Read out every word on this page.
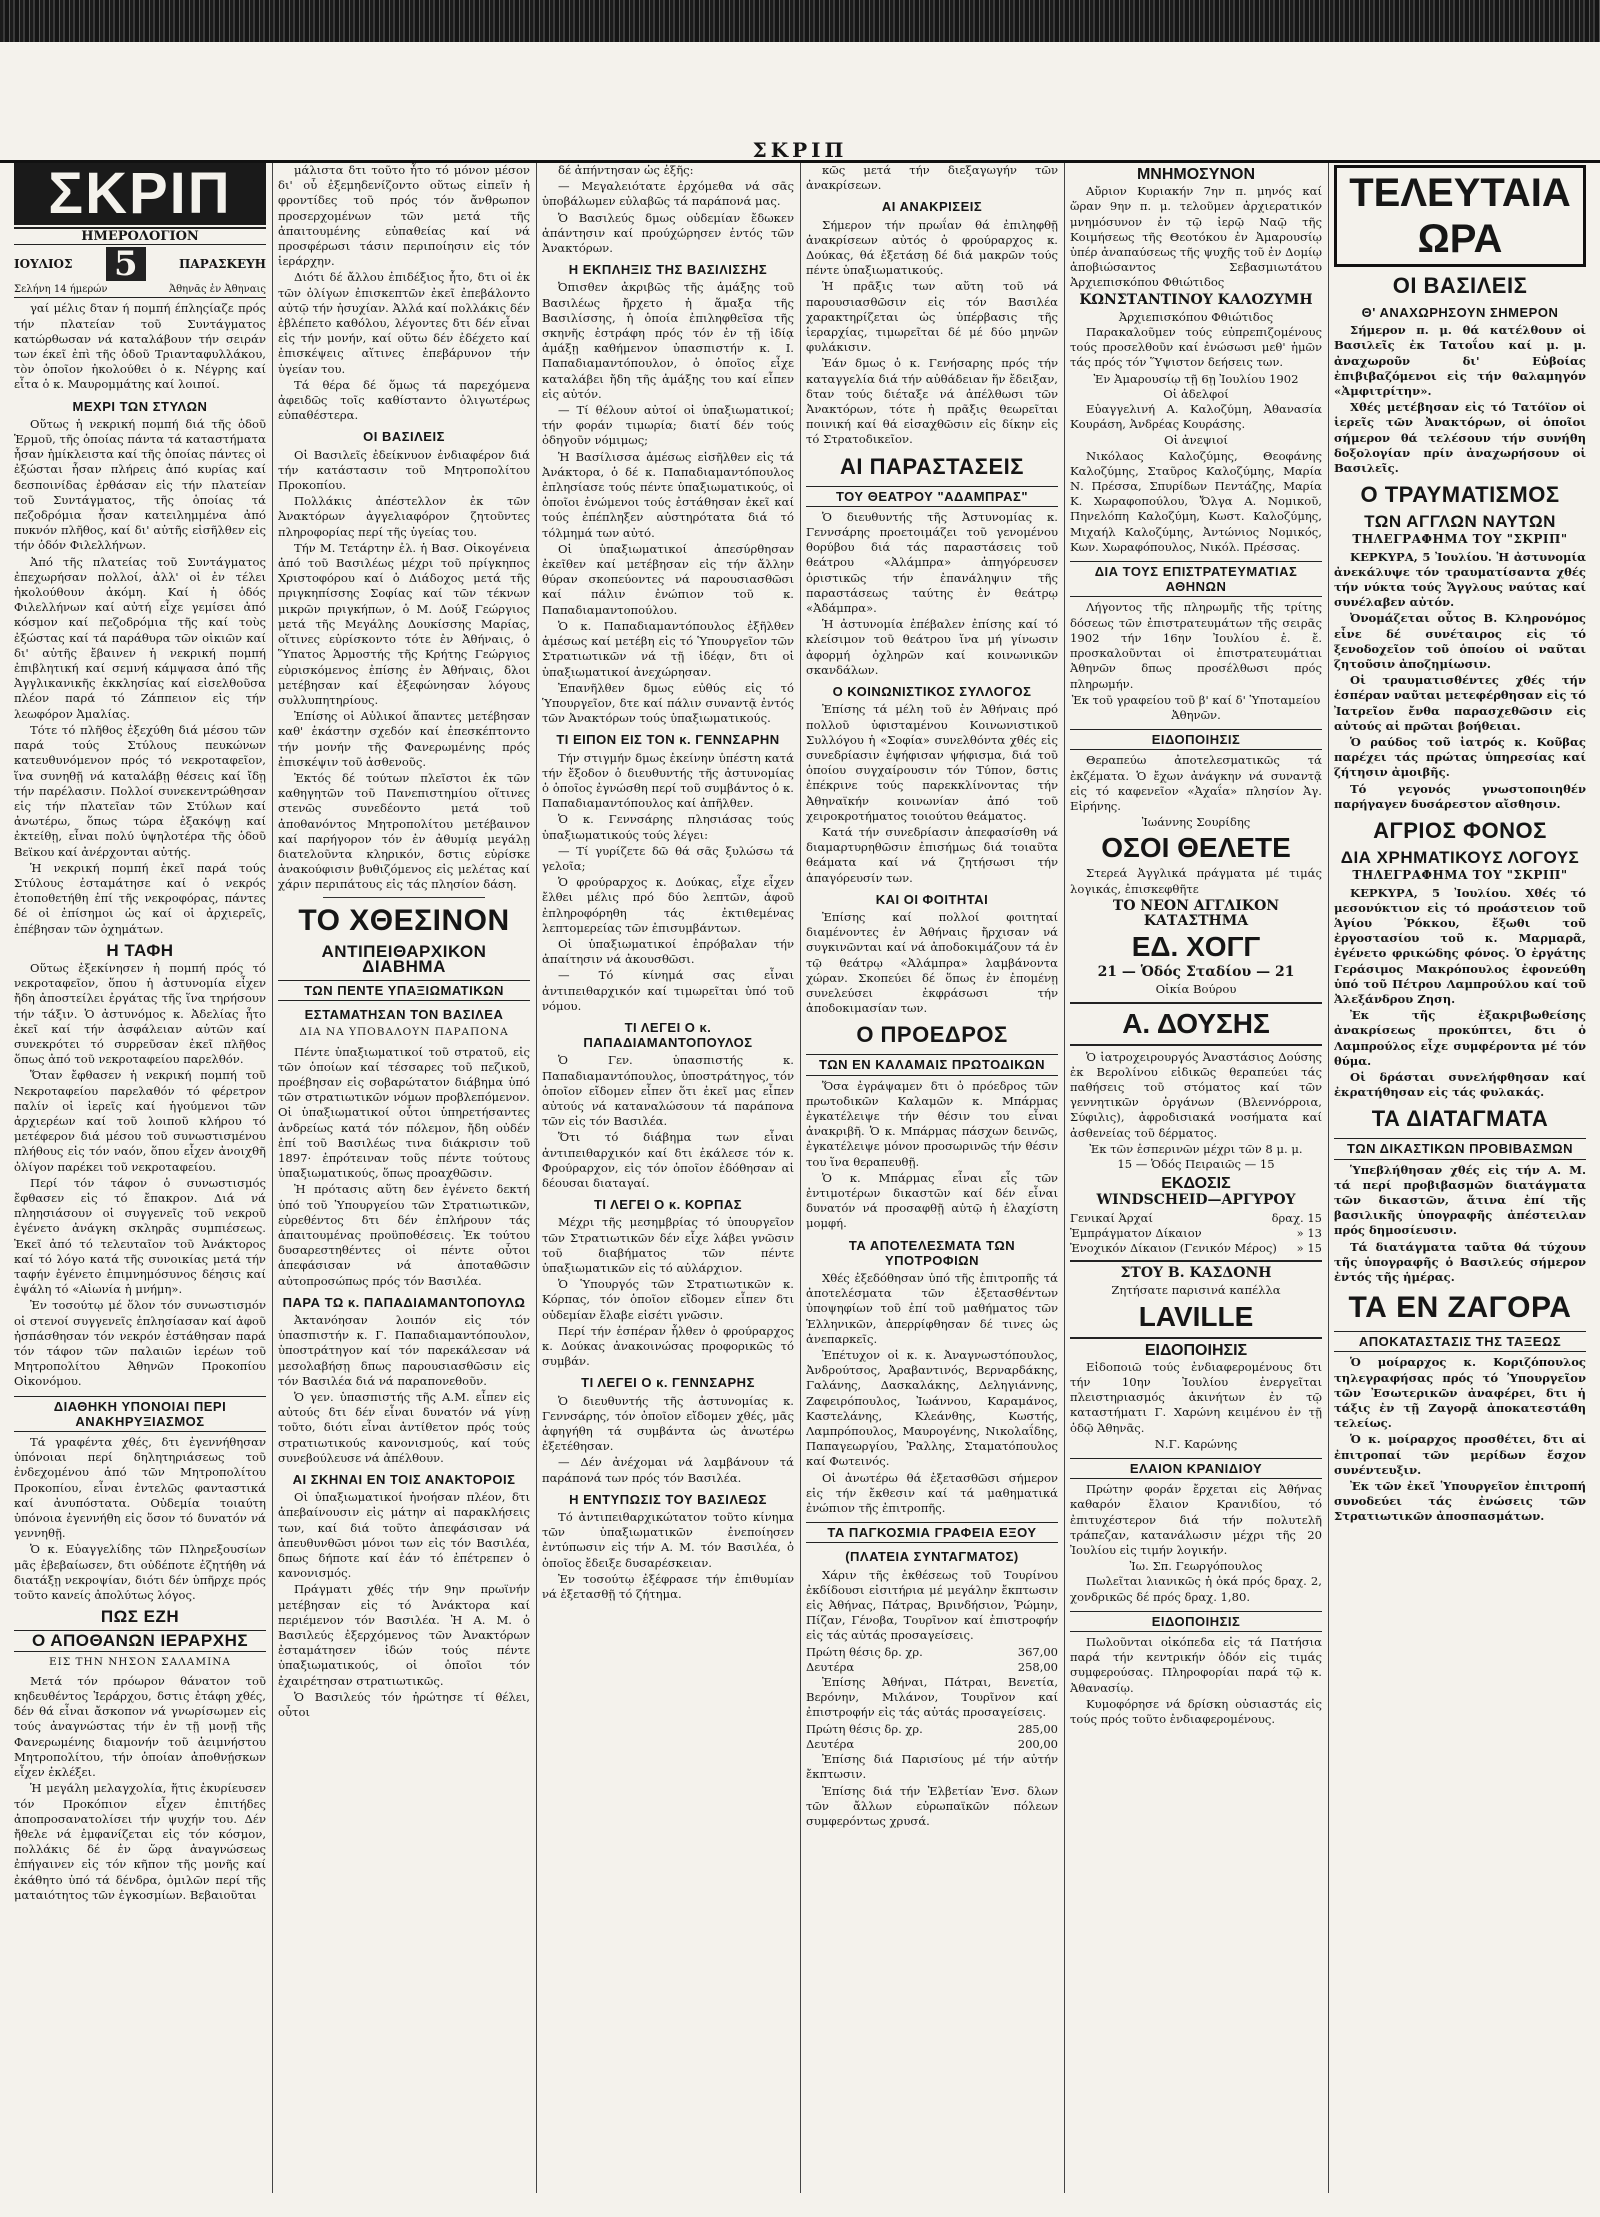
ΣΚΡΙΠ
ΣΚΡΙΠ
ΗΜΕΡΟΛΟΓΙΟΝ
ΙΟΥΛΙΟΣ 5	ΠΑΡΑΣΚΕΥΗ
Σελήνη 14 ήμερών	Ἀθηνᾶς ἐν Ἀθηναις

γαί μέλις δταν ή πομπή έπληςίαζε πρός τήν πλατείαν τοῦ Συντάγματος κατώρθωσαν νά καταλάβουν τήν σειράν των έκεῖ ἐπὶ τῆς ὁδοῦ Τριανταφυλλάκου, τὸν ὁποῖον ἠκολούθει ὁ κ. Νέγρης καί εἶτα ὁ κ. Μαυρομμάτης καί λοιποί.

ΜΕΧΡΙ ΤΩΝ ΣΤΥΛΩΝ

Οὕτως ἡ νεκρική πομπή διά τῆς ὁδοῦ Ἑρμοῦ, τῆς ὁποίας πάντα τά καταστήματα ἦσαν ἡμίκλειστα καί τῆς ὁποίας πάντες οἱ ἐξώσται ἦσαν πλήρεις ἀπό κυρίας καί δεσποινίδας ἐρθάσαν εἰς τήν πλατείαν τοῦ Συντάγματος, τῆς ὁποίας τά πεζοδρόμια ἦσαν κατειλημμένα ἀπό πυκνόν πλῆθος, καί δι' αὐτῆς εἰσῆλθεν εἰς τήν ὁδόν Φιλελλήνων.

Ἀπό τῆς πλατείας τοῦ Συντάγματος ἐπεχωρήσαν πολλοί, ἀλλ' οἱ ἐν τέλει ἠκολούθουν ἀκόμη. Καί ἡ ὁδός Φιλελλήνων καί αὐτή εἶχε γεμίσει ἀπό κόσμον καί πεζοδρόμια τῆς καί τοὺς ἐξώστας καί τά παράθυρα τῶν οἰκιῶν καί δι' αὐτῆς ἔβαινεν ἡ νεκρική πομπή ἐπιβλητική καί σεμνή κάμψασα ἀπό τῆς Ἀγγλικανικῆς ἐκκλησίας καί εἰσελθοῦσα πλέον παρά τό Ζάππειον εἰς τήν λεωφόρον Ἀμαλίας.

Τότε τό πλῆθος ἐξεχύθη διά μέσου τῶν παρά τούς Στύλους πευκώνων κατευθυνόμενον πρός τό νεκροταφεῖον, ἵνα συνηθῇ νά καταλάβῃ θέσεις καί ἴδῃ τήν παρέλασιν. Πολλοί συνεκεντρώθησαν εἰς τήν πλατεῖαν τῶν Στύλων καί ἀνωτέρω, ὅπως τώρα ἐξακόψῃ καί ἐκτείθῃ, εἶναι πολύ ὑψηλοτέρα τῆς ὁδοῦ Βεϊκου καί ἀνέρχονται αὐτής.

Ἡ νεκρική πομπή ἐκεῖ παρά τούς Στύλους ἐσταμάτησε καί ὁ νεκρός ἐτοποθετήθη ἐπί τῆς νεκροφόρας, πάντες δέ οἱ ἐπίσημοι ὡς καί οἱ ἀρχιερεῖς, ἐπέβησαν τῶν ὀχημάτων.

Η ΤΑΦΗ

Οὕτως ἐξεκίνησεν ἡ πομπή πρός τό νεκροταφεῖον, ὅπου ἡ ἀστυνομία εἶχεν ἤδη ἀποστείλει ἐργάτας τῆς ἵνα τηρήσουν τήν τάξιν. Ὁ ἀστυνόμος κ. Ἀδελίας ἦτο ἐκεῖ καί τήν ἀσφάλειαν αὐτῶν καί συνεκρότει τό συρρεῦσαν ἐκεῖ πλῆθος ὅπως ἀπό τοῦ νεκροταφείου παρελθόν.

Ὅταν ἔφθασεν ἡ νεκρική πομπή τοῦ Νεκροταφείου παρελαθόν τό φέρετρον παλίν οἱ ἱερεῖς καί ἡγούμενοι τῶν ἀρχιερέων καί τοῦ λοιποῦ κλήρου τό μετέφερον διά μέσου τοῦ συνωστισμένου πλήθους εἰς τόν ναόν, ὅπου εἶχεν ἀνοιχθῆ ὀλίγον παρέκει τοῦ νεκροταφείου.

Περί τόν τάφον ὁ συνωστισμός ἔφθασεν εἰς τό ἔπακρον. Διά νά πληησιάσουν οἱ συγγενεῖς τοῦ νεκροῦ ἐγένετο ἀνάγκη σκληρᾶς συμπιέσεως. Ἐκεῖ ἀπό τό τελευταῖον τοῦ Ἀνάκτορος καί τό λόγο κατά τῆς συνοικίας μετά τήν ταφήν ἐγένετο ἐπιμνημόσυνος δέησις καί ἐψάλη τό «Αἰωνία ἡ μνήμη».

Ἐν τοσούτῳ μέ ὅλον τόν συνωστισμόν οἱ στενοί συγγενεῖς ἐπλησίασαν καί ἀφοῦ ἠσπάσθησαν τόν νεκρόν ἐστάθησαν παρά τόν τάφον τῶν παλαιῶν ἱερέων τοῦ Μητροπολίτου Ἀθηνῶν Προκοπίου Οἰκονόμου.

ΔΙΑΘΗΚΗ ΥΠΟΝΟΙΑΙ ΠΕΡΙ ΑΝΑΚΗΡΥΞΙΑΣΜΟΣ

Τά γραφέντα χθές, δτι ἐγεννήθησαν ὑπόνοιαι περί δηλητηριάσεως τοῦ ἐνδεχομένου ἀπό τῶν Μητροπολίτου Προκοπίου, εἶναι ἐντελῶς φανταστικά καί ἀνυπόστατα. Οὐδεμία τοιαύτη ὑπόνοια ἐγεννήθη εἰς ὅσον τό δυνατόν νά γεννηθῇ.

Ὁ κ. Εὐαγγελίδης τῶν Πληρεξουσίων μᾶς ἐβεβαίωσεν, δτι οὐδέποτε ἐζητήθη νά διατάξῃ νεκροψίαν, διότι δέν ὑπῆρχε πρός τοῦτο κανείς ἀπολύτως λόγος.

ΠΩΣ ΕΖΗ
Ο ΑΠΟΘΑΝΩΝ ΙΕΡΑΡΧΗΣ
ΕΙΣ ΤΗΝ ΝΗΣΟΝ ΣΑΛΑΜΙΝΑ

Μετά τόν πρόωρον θάνατον τοῦ κηδευθέντος Ἱεράρχου, δστις ἐτάφη χθές, δέν θά εἶναι ἄσκοπον νά γνωρίσωμεν εἰς τούς ἀναγνώστας τήν ἐν τῇ μονῇ τῆς Φανερωμένης διαμονήν τοῦ ἀειμνήστου Μητροπολίτου, τήν ὁποίαν ἀποθνῄσκων εἶχεν ἐκλέξει.

Ἡ μεγάλη μελαγχολία, ἥτις ἐκυρίευσεν τόν Προκόπιον εἶχεν ἐπιτήδες ἀποπροσανατολίσει τήν ψυχήν του. Δέν ἤθελε νά ἐμφανίζεται εἰς τόν κόσμον, πολλάκις δέ ἐν ὥρᾳ ἀναγνώσεως ἐπήγαινεν εἰς τόν κῆπον τῆς μονῆς καί ἐκάθητο ὑπό τά δένδρα, ὁμιλῶν περί τῆς ματαιότητος τῶν ἐγκοσμίων. Βεβαιοῦται

μάλιστα δτι τοῦτο ἦτο τό μόνον μέσον δι' οὗ ἐξεμηδενίζοντο οὕτως εἰπεῖν ἡ φροντίδες τοῦ πρός τόν ἄνθρωπον προσερχομένων τῶν μετά τῆς ἀπαιτουμένης εὐπαθείας καί νά προσφέρωσι τάσιν περιποίησιν εἰς τόν ἱεράρχην.

Διότι δέ ἄλλου ἐπιδέξιος ἦτο, δτι οἱ ἐκ τῶν ὀλίγων ἐπισκεπτῶν ἐκεῖ ἐπεβάλοντο αὐτῷ τήν ἡσυχίαν. Ἀλλά καί πολλάκις δέν ἐβλέπετο καθόλου, λέγοντες δτι δέν εἶναι εἰς τήν μονήν, καί οὕτω δέν ἐδέχετο καί ἐπισκέψεις αἵτινες ἐπεβάρυνον τήν ὑγείαν του.

Τά θέρα δέ ὅμως τά παρεχόμενα ἀφειδῶς τοῖς καθίσταντο ὀλιγωτέρως εὐπαθέστερα.

ΟΙ ΒΑΣΙΛΕΙΣ

Οἱ Βασιλεῖς ἐδείκνυον ἐνδιαφέρον διά τήν κατάστασιν τοῦ Μητροπολίτου Προκοπίου.

Πολλάκις ἀπέστελλον ἐκ τῶν Ἀνακτόρων ἀγγελιαφόρον ζητοῦντες πληροφορίας περί τῆς ὑγείας του.

Τήν Μ. Τετάρτην ἐλ. ἡ Βασ. Οἰκογένεια ἀπό τοῦ Βασιλέως μέχρι τοῦ πρίγκηπος Χριστοφόρου καί ὁ Διάδοχος μετά τῆς πριγκηπίσσης Σοφίας καί τῶν τέκνων μικρῶν πριγκήπων, ὁ Μ. Δούξ Γεώργιος μετά τῆς Μεγάλης Δουκίσσης Μαρίας, οἵτινες εὑρίσκοντο τότε ἐν Ἀθήναις, ὁ Ὕπατος Ἁρμοστής τῆς Κρήτης Γεώργιος εὑρισκόμενος ἐπίσης ἐν Ἀθήναις, δλοι μετέβησαν καί ἐξεφώνησαν λόγους συλλυπητηρίους.

Ἐπίσης οἱ Αὐλικοί ἅπαντες μετέβησαν καθ' ἑκάστην σχεδόν καί ἐπεσκέπτοντο τήν μονήν τῆς Φανερωμένης πρός ἐπισκέψιν τοῦ ἀσθενοῦς.

Ἐκτός δέ τούτων πλεῖστοι ἐκ τῶν καθηγητῶν τοῦ Πανεπιστημίου οἵτινες στενῶς συνεδέοντο μετά τοῦ ἀποθανόντος Μητροπολίτου μετέβαινον καί παρήγορον τόν ἐν ἀθυμίᾳ μεγάλῃ διατελοῦντα κληρικόν, δστις εὑρίσκε ἀνακούφισιν βυθιζόμενος εἰς μελέτας καί χάριν περιπάτους εἰς τάς πλησίον δάση.

ΤΟ ΧΘΕΣΙΝΟΝ
ΑΝΤΙΠΕΙΘΑΡΧΙΚΟΝ ΔΙΑΒΗΜΑ
ΤΩΝ ΠΕΝΤΕ ΥΠΑΞΙΩΜΑΤΙΚΩΝ
ΕΣΤΑΜΑΤΗΣΑΝ ΤΟΝ ΒΑΣΙΛΕΑ
ΔΙΑ ΝΑ ΥΠΟΒΑΛΟΥΝ ΠΑΡΑΠΟΝΑ

Πέντε ὑπαξιωματικοί τοῦ στρατοῦ, εἰς τῶν ὁποίων καί τέσσαρες τοῦ πεζικοῦ, προέβησαν εἰς σοβαρώτατον διάβημα ὑπό τῶν στρατιωτικῶν νόμων προβλεπόμενον. Οἱ ὑπαξιωματικοί οὗτοι ὑπηρετήσαντες ἀνδρείως κατά τόν πόλεμον, ἤδη οὐδέν ἐπί τοῦ Βασιλέως τινα διάκρισιν τοῦ 1897· ἐπρότειναν τοῦς πέντε τούτους ὑπαξιωματικούς, ὅπως προαχθῶσιν.

Ἠ πρότασις αὕτη δεν ἐγένετο δεκτή ὑπό τοῦ Ὑπουργείου τῶν Στρατιωτικῶν, εὑρεθέντος δτι δέν ἐπλήρουν τάς ἀπαιτουμένας προϋποθέσεις. Ἐκ τούτου δυσαρεστηθέντες οἱ πέντε οὗτοι ἀπεφάσισαν νά ἀποταθῶσιν αὐτοπροσώπως πρός τόν Βασιλέα.

ΠΑΡΑ ΤΩ κ. ΠΑΠΑΔΙΑΜΑΝΤΟΠΟΥΛΩ

Ἀκτανόησαν λοιπόν εἰς τόν ὑπασπιστήν κ. Γ. Παπαδιαμαντόπουλον, ὑποστράτηγον καί τόν παρεκάλεσαν νά μεσολαβήσῃ δπως παρουσιασθῶσιν εἰς τόν Βασιλέα διά νά παραπονεθοῦν.

Ὁ γεν. ὑπασπιστής τῆς Α.Μ. εἶπεν εἰς αὐτούς δτι δέν εἶναι δυνατόν νά γίνῃ τοῦτο, διότι εἶναι ἀντίθετον πρός τούς στρατιωτικούς κανονισμούς, καί τούς συνεβούλευσε νά ἀπέλθουν.

ΑΙ ΣΚΗΝΑΙ ΕΝ ΤΟΙΣ ΑΝΑΚΤΟΡΟΙΣ

Οἱ ὑπαξιωματικοί ἠνοήσαν πλέον, δτι ἀπεβαίνουσιν εἰς μάτην αἱ παρακλήσεις των, καί διά τοῦτο ἀπεφάσισαν νά ἀπευθυνθῶσι μόνοι των εἰς τόν Βασιλέα, δπως δήποτε καί ἐάν τό ἐπέτρεπεν ὁ κανονισμός.

Πράγματι χθές τήν 9ην πρωϊνήν μετέβησαν εἰς τό Ἀνάκτορα καί περιέμενον τόν Βασιλέα. Ἠ Α. Μ. ὁ Βασιλεύς ἐξερχόμενος τῶν Ἀνακτόρων ἐσταμάτησεν ἰδών τούς πέντε ὑπαξιωματικούς, οἱ ὁποῖοι τόν ἐχαιρέτησαν στρατιωτικῶς.

Ὁ Βασιλεύς τόν ἠρώτησε τί θέλει, οὗτοι

δέ ἀπήντησαν ὡς ἑξῆς:

— Μεγαλειότατε ἐρχόμεθα νά σᾶς ὑποβάλωμεν εὐλαβῶς τά παράπονά μας.

Ὁ Βασιλεύς δμως οὐδεμίαν ἔδωκεν ἀπάντησιν καί προύχώρησεν ἐντός τῶν Ἀνακτόρων.

Η ΕΚΠΛΗΞΙΣ ΤΗΣ ΒΑΣΙΛΙΣΣΗΣ

Ὀπισθεν ἀκριβῶς τῆς ἁμάξης τοῦ Βασιλέως ἤρχετο ἡ ἅμαξα τῆς Βασιλίσσης, ἡ ὁποία ἐπιληφθεῖσα τῆς σκηνῆς ἐστράφη πρός τόν ἐν τῇ ἰδίᾳ ἁμάξῃ καθήμενον ὑπασπιστήν κ. Ι. Παπαδιαμαντόπουλον, ὁ ὁποῖος εἶχε καταλάβει ἤδη τῆς ἁμάξης του καί εἶπεν εἰς αὐτόν.

— Τί θέλουν αὐτοί οἱ ὑπαξιωματικοί; τήν φοράν τιμωρία; διατί δέν τούς ὁδηγοῦν νόμιμως;

Ἡ Βασίλισσα ἀμέσως εἰσῆλθεν εἰς τά Ἀνάκτορα, ὁ δέ κ. Παπαδιαμαντόπουλος ἐπλησίασε τούς πέντε ὑπαξιωματικούς, οἱ ὁποῖοι ἐνώμενοι τούς ἐστάθησαν ἐκεῖ καί τούς ἐπέπληξεν αὐστηρότατα διά τό τόλμημά των αὐτό.

Οἱ ὑπαξιωματικοί ἀπεσύρθησαν ἐκεῖθεν καί μετέβησαν εἰς τήν ἄλλην θύραν σκοπεύοντες νά παρουσιασθῶσι καί πάλιν ἐνώπιον τοῦ κ. Παπαδιαμαντοπούλου.

Ὁ κ. Παπαδιαμαντόπουλος ἐξῆλθεν ἀμέσως καί μετέβη εἰς τό Ὑπουργεῖον τῶν Στρατιωτικῶν νά τῇ ἰδέᾳν, δτι οἱ ὑπαξιωματικοί ἀνεχώρησαν.

Ἐπανῆλθεν δμως εὐθύς εἰς τό Ὑπουργεῖον, δτε καί πάλιν συναντᾷ ἐντός τῶν Ἀνακτόρων τούς ὑπαξιωματικούς.

ΤΙ ΕΙΠΟΝ ΕΙΣ ΤΟΝ κ. ΓΕΝΝΣΑΡΗΝ

Τήν στιγμήν δμως ἐκείνην ὑπέστη κατά τήν ἔξοδον ὁ διευθυντής τῆς ἀστυνομίας ὁ ὁποῖος ἐγνώσθη περί τοῦ συμβάντος ὁ κ. Παπαδιαμαντόπουλος καί ἀπῆλθεν.

Ὁ κ. Γεννσάρης πλησιάσας τούς ὑπαξιωματικούς τούς λέγει:

— Τί γυρίζετε δῶ θά σᾶς ξυλώσω τά γελοῖα;

Ὁ φρούραρχος κ. Δούκας, εἶχε εἶχεν ἔλθει μέλις πρό δύο λεπτῶν, ἀφοῦ ἐπληροφόρηθη τάς ἐκτιθεμένας λεπτομερείας τῶν ἐπισυμβάντων.

Οἱ ὑπαξιωματικοί ἐπρόβαλαν τήν ἀπαίτησιν νά ἀκουσθῶσι.

— Τό κίνημά σας εἶναι ἀντιπειθαρχικόν καί τιμωρεῖται ὑπό τοῦ νόμου.

ΤΙ ΛΕΓΕΙ Ο κ. ΠΑΠΑΔΙΑΜΑΝΤΟΠΟΥΛΟΣ

Ὁ Γεν. ὑπασπιστής κ. Παπαδιαμαντόπουλος, ὑποστράτηγος, τόν ὁποῖον εἴδομεν εἶπεν ὅτι ἐκεῖ μας εἶπεν αὐτούς νά καταναλώσουν τά παράπονα τῶν εἰς τόν Βασιλέα.

Ὅτι τό διάβημα των εἶναι ἀντιπειθαρχικόν καί δτι ἐκάλεσε τόν κ. Φρούραρχον, εἰς τόν ὁποῖον ἐδόθησαν αἱ δέουσαι διαταγαί.

ΤΙ ΛΕΓΕΙ Ο κ. ΚΟΡΠΑΣ

Μέχρι τῆς μεσημβρίας τό ὑπουργεῖον τῶν Στρατιωτικῶν δέν εἶχε λάβει γνῶσιν τοῦ διαβήματος τῶν πέντε ὑπαξιωματικῶν εἰς τό αὐλάρχιον.

Ὁ Ὑπουργός τῶν Στρατιωτικῶν κ. Κόρπας, τόν ὁποῖον εἴδομεν εἶπεν δτι οὐδεμίαν ἔλαβε εἰσέτι γνῶσιν.

Περί τήν ἑσπέραν ἦλθεν ὁ φρούραρχος κ. Δούκας ἀνακοινώσας προφορικῶς τό συμβάν.

ΤΙ ΛΕΓΕΙ Ο κ. ΓΕΝΝΣΑΡΗΣ

Ὁ διευθυντής τῆς ἀστυνομίας κ. Γεννσάρης, τόν ὁποῖον εἴδομεν χθές, μᾶς ἀφηγήθη τά συμβάντα ὡς ἀνωτέρω ἐξετέθησαν.

— Δέν ἀνέχομαι νά λαμβάνουν τά παράπονά των πρός τόν Βασιλέα.

Η ΕΝΤΥΠΩΣΙΣ ΤΟΥ ΒΑΣΙΛΕΩΣ

Τό ἀντιπειθαρχικώτατον τοῦτο κίνημα τῶν ὑπαξιωματικῶν ἐνεποίησεν ἐντύπωσιν εἰς τήν Α. Μ. τόν Βασιλέα, ὁ ὁποῖος ἔδειξε δυσαρέσκειαν.

Ἐν τοσούτῳ ἐξέφρασε τήν ἐπιθυμίαν νά ἐξετασθῇ τό ζήτημα.

κῶς μετά τήν διεξαγωγήν τῶν ἀνακρίσεων.

ΑΙ ΑΝΑΚΡΙΣΕΙΣ

Σήμερον τήν πρωΐαν θά ἐπιληφθῇ ἀνακρίσεων αὐτός ὁ φρούραρχος κ. Δούκας, θά ἐξετάσῃ δέ διά μακρῶν τούς πέντε ὑπαξιωματικούς.

Ἡ πρᾶξις των αὕτη τοῦ νά παρουσιασθῶσιν εἰς τόν Βασιλέα χαρακτηρίζεται ὡς ὑπέρβασις τῆς ἱεραρχίας, τιμωρεῖται δέ μέ δύο μηνῶν φυλάκισιν.

Ἐάν δμως ὁ κ. Γενήσαρης πρός τήν καταγγελία διά τήν αὐθάδειαν ἥν ἔδειξαν, δταν τούς διέταξε νά ἀπέλθωσι τῶν Ἀνακτόρων, τότε ἡ πρᾶξις θεωρεῖται ποινική καί θά εἰσαχθῶσιν εἰς δίκην εἰς τό Στρατοδικεῖον.

ΑΙ ΠΑΡΑΣΤΑΣΕΙΣ
ΤΟΥ ΘΕΑΤΡΟΥ "ΑΔΑΜΠΡΑΣ"

Ὁ διευθυντής τῆς Ἀστυνομίας κ. Γεννσάρης προετοιμάζει τοῦ γενομένου θορύβου διά τάς παραστάσεις τοῦ θεάτρου «Ἀλάμπρα» ἀπηγόρευσεν ὁριστικῶς τήν ἐπανάληψιν τῆς παραστάσεως ταύτης ἐν θεάτρῳ «Ἀδάμπρα».

Ἡ ἀστυνομία ἐπέβαλεν ἐπίσης καί τό κλείσιμον τοῦ θεάτρου ἵνα μή γίνωσιν ἀφορμή ὀχληρῶν καί κοινωνικῶν σκανδάλων.

Ο ΚΟΙΝΩΝΙΣΤΙΚΟΣ ΣΥΛΛΟΓΟΣ

Ἐπίσης τά μέλη τοῦ ἐν Ἀθήναις πρό πολλοῦ ὑφισταμένου Κοινωνιστικοῦ Συλλόγου ἡ «Σοφία» συνελθόντα χθές εἰς συνεδρίασιν ἐψήφισαν ψήφισμα, διά τοῦ ὁποίου συγχαίρουσιν τόν Τύπον, δστις ἐπέκρινε τούς παρεκκλίνοντας τήν Ἀθηναϊκήν κοινωνίαν ἀπό τοῦ χειροκροτήματος τοιούτου θεάματος.

Κατά τήν συνεδρίασιν ἀπεφασίσθη νά διαμαρτυρηθῶσιν ἐπισήμως διά τοιαῦτα θεάματα καί νά ζητήσωσι τήν ἀπαγόρευσίν των.

ΚΑΙ ΟΙ ΦΟΙΤΗΤΑΙ

Ἐπίσης καί πολλοί φοιτηταί διαμένοντες ἐν Ἀθήναις ἤρχισαν νά συγκινῶνται καί νά ἀποδοκιμάζουν τά ἐν τῷ θεάτρῳ «Ἀλάμπρα» λαμβάνοντα χώραν. Σκοπεύει δέ ὅπως ἐν ἐπομένῃ συνελεύσει ἐκφράσωσι τήν ἀποδοκιμασίαν των.

Ο ΠΡΟΕΔΡΟΣ
ΤΩΝ ΕΝ ΚΑΛΑΜΑΙΣ ΠΡΩΤΟΔΙΚΩΝ

Ὅσα ἐγράψαμεν δτι ὁ πρόεδρος τῶν πρωτοδικῶν Καλαμῶν κ. Μπάρμας ἐγκατέλειψε τήν θέσιν του εἶναι ἀνακριβῆ. Ὁ κ. Μπάρμας πάσχων δεινῶς, ἐγκατέλειψε μόνον προσωρινῶς τήν θέσιν του ἵνα θεραπευθῇ.

Ὁ κ. Μπάρμας εἶναι εἷς τῶν ἐντιμοτέρων δικαστῶν καί δέν εἶναι δυνατόν νά προσαφθῇ αὐτῷ ἡ ἐλαχίστη μομφή.

ΤΑ ΑΠΟΤΕΛΕΣΜΑΤΑ ΤΩΝ ΥΠΟΤΡΟΦΙΩΝ

Χθές ἐξεδόθησαν ὑπό τῆς ἐπιτροπῆς τά ἀποτελέσματα τῶν ἐξετασθέντων ὑποψηφίων τοῦ ἐπί τοῦ μαθήματος τῶν Ἑλληνικῶν, ἀπερρίφθησαν δέ τινες ὡς ἀνεπαρκεῖς.

Ἐπέτυχον οἱ κ. κ. Ἀναγνωστόπουλος, Ἀνδρούτσος, Ἀραβαντινός, Βερναρδάκης, Γαλάνης, Δασκαλάκης, Δεληγιάννης, Ζαφειρόπουλος, Ἰωάννου, Καραμάνος, Καστελάνης, Κλεάνθης, Κωστής, Λαμπρόπουλος, Μαυρογένης, Νικολαΐδης, Παπαγεωργίου, Ῥαλλης, Σταματόπουλος καί Φωτεινός.

Οἱ ἀνωτέρω θά ἐξετασθῶσι σήμερον εἰς τήν ἔκθεσιν καί τά μαθηματικά ἐνώπιον τῆς ἐπιτροπῆς.

ΤΑ ΠΑΓΚΟΣΜΙΑ ΓΡΑΦΕΙΑ ΕΞΟΥ
(ΠΛΑΤΕΙΑ ΣΥΝΤΑΓΜΑΤΟΣ)

Χάριν τῆς ἐκθέσεως τοῦ Τουρίνου ἐκδίδουσι εἰσιτήρια μέ μεγάλην ἔκπτωσιν εἰς Ἀθήνας, Πάτρας, Βρινδήσιον, Ῥώμην, Πίζαν, Γένοβα, Τουρῖνον καί ἐπιστροφήν εἰς τάς αὐτάς προσαγείσεις.

Πρώτη θέσις δρ. χρ.	367,00
Δευτέρα	258,00

Ἐπίσης Ἀθήναι, Πάτραι, Βενετία, Βερόνην, Μιλάνον, Τουρῖνον καί ἐπιστροφήν εἰς τάς αὐτάς προσαγείσεις.

Πρώτη θέσις δρ. χρ.	285,00
Δευτέρα	200,00

Ἐπίσης διά Παρισίους μέ τήν αὐτήν ἔκπτωσιν.

Ἐπίσης διά τήν Ἐλβετίαν Ἐνσ. δλων τῶν ἄλλων εὐρωπαϊκῶν πόλεων συμφερόντως χρυσά.

ΜΝΗΜΟΣΥΝΟΝ

Αὔριον Κυριακήν 7ην π. μηνός καί ὥραν 9ην π. μ. τελοῦμεν ἀρχιερατικόν μνημόσυνον ἐν τῷ ἱερῷ Ναῷ τῆς Κοιμήσεως τῆς Θεοτόκου ἐν Ἀμαρουσίῳ ὑπέρ ἀναπαύσεως τῆς ψυχῆς τοῦ ἐν Δομίῳ ἀποβιώσαντος Σεβασμιωτάτου Ἀρχιεπισκόπου Φθιώτιδος

ΚΩΝΣΤΑΝΤΙΝΟΥ ΚΑΛΟΖΥΜΗ
Ἀρχιεπισκόπου Φθιώτιδος

Παρακαλοῦμεν τούς εὐπρεπιζομένους τούς προσελθοῦν καί ἐνώσωσι μεθ' ἡμῶν τάς πρός τόν Ὕψιστον δεήσεις των.

Ἐν Ἀμαρουσίῳ τῇ 6ῃ Ἰουλίου 1902
Οἱ ἀδελφοί

Εὐαγγελινή Α. Καλοζύμη, Ἀθανασία Κουράση, Ἀνδρέας Κουράσης.

Οἱ ἀνεψιοί

Νικόλαος Καλοζύμης, Θεοφάνης Καλοζύμης, Σταῦρος Καλοζύμης, Μαρία Ν. Πρέσσα, Σπυρίδων Πεντάζης, Μαρία Κ. Χωραφοπούλου, Ὄλγα Α. Νομικοῦ, Πηνελόπη Καλοζύμη, Κωστ. Καλοζύμης, Μιχαήλ Καλοζύμης, Ἀντώνιος Νομικός, Κων. Χωραφόπουλος, Νικόλ. Πρέσσας.

ΔΙΑ ΤΟΥΣ ΕΠΙΣΤΡΑΤΕΥΜΑΤΙΑΣ ΑΘΗΝΩΝ

Λήγοντος τῆς πληρωμῆς τῆς τρίτης δόσεως τῶν ἐπιστρατευμάτων τῆς σειρᾶς 1902 τήν 16ην Ἰουλίου ἐ. ἔ. προσκαλοῦνται οἱ ἐπιστρατευμάτιαι Ἀθηνῶν δπως προσέλθωσι πρός πληρωμήν.

Ἐκ τοῦ γραφείου τοῦ β' καί δ' Ὑποταμείου Ἀθηνῶν.
ΕΙΔΟΠΟΙΗΣΙΣ

Θεραπεύω ἀποτελεσματικῶς τά ἐκζέματα. Ὁ ἔχων ἀνάγκην νά συναντᾷ εἰς τό καφενεῖον «Ἀχαΐα» πλησίον Ἀγ. Εἰρήνης.

Ἰωάννης Σουρίδης
ΟΣΟΙ ΘΕΛΕΤΕ

Στερεά Ἀγγλικά πράγματα μέ τιμάς λογικάς, ἐπισκεφθῆτε

ΤΟ ΝΕΟΝ ΑΓΓΛΙΚΟΝ ΚΑΤΑΣΤΗΜΑ
ΕΔ. ΧΟΓΓ
21 — Ὁδός Σταδίου — 21
Οἰκία Βούρου
Α. ΔΟΥΣΗΣ

Ὁ ἰατροχειρουργός Ἀναστάσιος Δούσης ἐκ Βερολίνου εἰδικῶς θεραπεύει τάς παθήσεις τοῦ στόματος καί τῶν γεννητικῶν ὀργάνων (Βλεννόρροια, Σύφιλις), ἀφροδισιακά νοσήματα καί ἀσθενείας τοῦ δέρματος.

Ἐκ τῶν ἑσπερινῶν μέχρι τῶν 8 μ. μ.
15 — Ὁδός Πειραιῶς — 15
ΕΚΔΟΣΙΣ
WINDSCHEID—ΑΡΓΥΡΟΥ
Γενικαί Ἀρχαί	δραχ. 15
Ἐμπράγματον Δίκαιον	» 13
Ἐνοχικόν Δίκαιον (Γενικόν Μέρος) » 15
ΣΤΟΥ Β. ΚΑΣΔΟΝΗ
Ζητήσατε παρισινά καπέλλα
LAVILLE
ΕΙΔΟΠΟΙΗΣΙΣ

Εἰδοποιῶ τούς ἐνδιαφερομένους δτι τήν 10ην Ἰουλίου ἐνεργεῖται πλειστηριασμός ἀκινήτων ἐν τῷ καταστήματι Γ. Χαρώνη κειμένου ἐν τῇ ὁδῷ Ἀθηνᾶς.

Ν.Γ. Καρώνης
ΕΛΑΙΟΝ ΚΡΑΝΙΔΙΟΥ

Πρώτην φοράν ἔρχεται εἰς Ἀθήνας καθαρόν ἔλαιον Κρανιδίου, τό ἐπιτυχέστερον διά τήν πολυτελῆ τράπεζαν, κατανάλωσιν μέχρι τῆς 20 Ἰουλίου εἰς τιμήν λογικήν.

Ἰω. Σπ. Γεωργόπουλος

Πωλεῖται λιανικῶς ἡ ὀκά πρός δραχ. 2, χονδρικῶς δέ πρός δραχ. 1,80.

ΕΙΔΟΠΟΙΗΣΙΣ

Πωλοῦνται οἰκόπεδα εἰς τά Πατήσια παρά τήν κεντρικήν ὁδόν εἰς τιμάς συμφερούσας. Πληροφορίαι παρά τῷ κ. Ἀθανασίῳ.

Κυμοφόρησε νά δρίσκη οὐσιαστάς εἰς τούς πρός τοῦτο ἐνδιαφερομένους.

ΤΕΛΕΥΤΑΙΑ ΩΡΑ
ΟΙ ΒΑΣΙΛΕΙΣ
Θ' ΑΝΑΧΩΡΗΣΟΥΝ ΣΗΜΕΡΟΝ

Σήμερον π. μ. θά κατέλθουν οἱ Βασιλεῖς ἐκ Τατοΐου καί μ. μ. ἀναχωροῦν δι' Εὐβοίας ἐπιβιβαζόμενοι εἰς τήν θαλαμηγόν «Ἀμφιτρίτην».

Χθές μετέβησαν εἰς τό Τατόϊον οἱ ἱερεῖς τῶν Ἀνακτόρων, οἱ ὁποῖοι σήμερον θά τελέσουν τήν συνήθη δοξολογίαν πρίν ἀναχωρήσουν οἱ Βασιλεῖς.

Ο ΤΡΑΥΜΑΤΙΣΜΟΣ
ΤΩΝ ΑΓΓΛΩΝ ΝΑΥΤΩΝ
ΤΗΛΕΓΡΑΦΗΜΑ ΤΟΥ "ΣΚΡΙΠ"

ΚΕΡΚΥΡΑ, 5 Ἰουλίου. Ἡ ἀστυνομία ἀνεκάλυψε τόν τραυματίσαντα χθές τήν νύκτα τούς Ἄγγλους ναύτας καί συνέλαβεν αὐτόν.

Ὀνομάζεται οὗτος Β. Κληρονόμος εἶνε δέ συνέταιρος εἰς τό ξενοδοχεῖον τοῦ ὁποίου οἱ ναῦται ζητοῦσιν ἀποζημίωσιν.

Οἱ τραυματισθέντες χθές τήν ἑσπέραν ναῦται μετεφέρθησαν εἰς τό Ἰατρεῖον ἔνθα παρασχεθῶσιν εἰς αὐτούς αἱ πρῶται βοήθειαι.

Ὁ ραύδος τοῦ ἰατρός κ. Κοῦβας παρέχει τάς πρώτας ὑπηρεσίας καί ζήτησιν ἀμοιβῆς.

Τό γεγονός γνωστοποιηθέν παρήγαγεν δυσάρεστον αἴσθησιν.

ΑΓΡΙΟΣ ΦΟΝΟΣ
ΔΙΑ ΧΡΗΜΑΤΙΚΟΥΣ ΛΟΓΟΥΣ
ΤΗΛΕΓΡΑΦΗΜΑ ΤΟΥ "ΣΚΡΙΠ"

ΚΕΡΚΥΡΑ, 5 Ἰουλίου. Χθές τό μεσονύκτιον εἰς τό προάστειον τοῦ Ἁγίου Ῥόκκου, ἔξωθι τοῦ ἐργοστασίου τοῦ κ. Μαρμαρᾶ, ἐγένετο φρικώδης φόνος. Ὁ ἐργάτης Γεράσιμος Μακρόπουλος ἐφονεύθη ὑπό τοῦ Πέτρου Λαμπρούλου καί τοῦ Ἀλεξάνδρου Ζηση.

Ἐκ τῆς ἐξακριβωθείσης ἀνακρίσεως προκύπτει, δτι ὁ Λαμπρούλος εἶχε συμφέροντα μέ τόν θύμα.

Οἱ δράσται συνελήφθησαν καί ἐκρατήθησαν εἰς τάς φυλακάς.

ΤΑ ΔΙΑΤΑΓΜΑΤΑ
ΤΩΝ ΔΙΚΑΣΤΙΚΩΝ ΠΡΟΒΙΒΑΣΜΩΝ

Ὑπεβλήθησαν χθές εἰς τήν Α. Μ. τά περί προβιβασμῶν διατάγματα τῶν δικαστῶν, ἅτινα ἐπί τῆς βασιλικῆς ὑπογραφῆς ἀπέστειλαν πρός δημοσίευσιν.

Τά διατάγματα ταῦτα θά τύχουν τῆς ὑπογραφῆς ὁ Βασιλεύς σήμερον ἐντός τῆς ἡμέρας.

ΤΑ ΕΝ ΖΑΓΟΡΑ
ΑΠΟΚΑΤΑΣΤΑΣΙΣ ΤΗΣ ΤΑΞΕΩΣ

Ὁ μοίραρχος κ. Κοριζόπουλος τηλεγραφήσας πρός τό Ὑπουργεῖον τῶν Ἐσωτερικῶν ἀναφέρει, δτι ἡ τάξις ἐν τῇ Ζαγορᾷ ἀποκατεστάθη τελείως.

Ὁ κ. μοίραρχος προσθέτει, δτι αἱ ἐπιτροπαί τῶν μερίδων ἔσχον συνέντευξιν.

Ἐκ τῶν ἐκεῖ Ὑπουργεῖον ἐπιτροπή συνοδεύει τάς ἐνώσεις τῶν Στρατιωτικῶν ἀποσπασμάτων.
